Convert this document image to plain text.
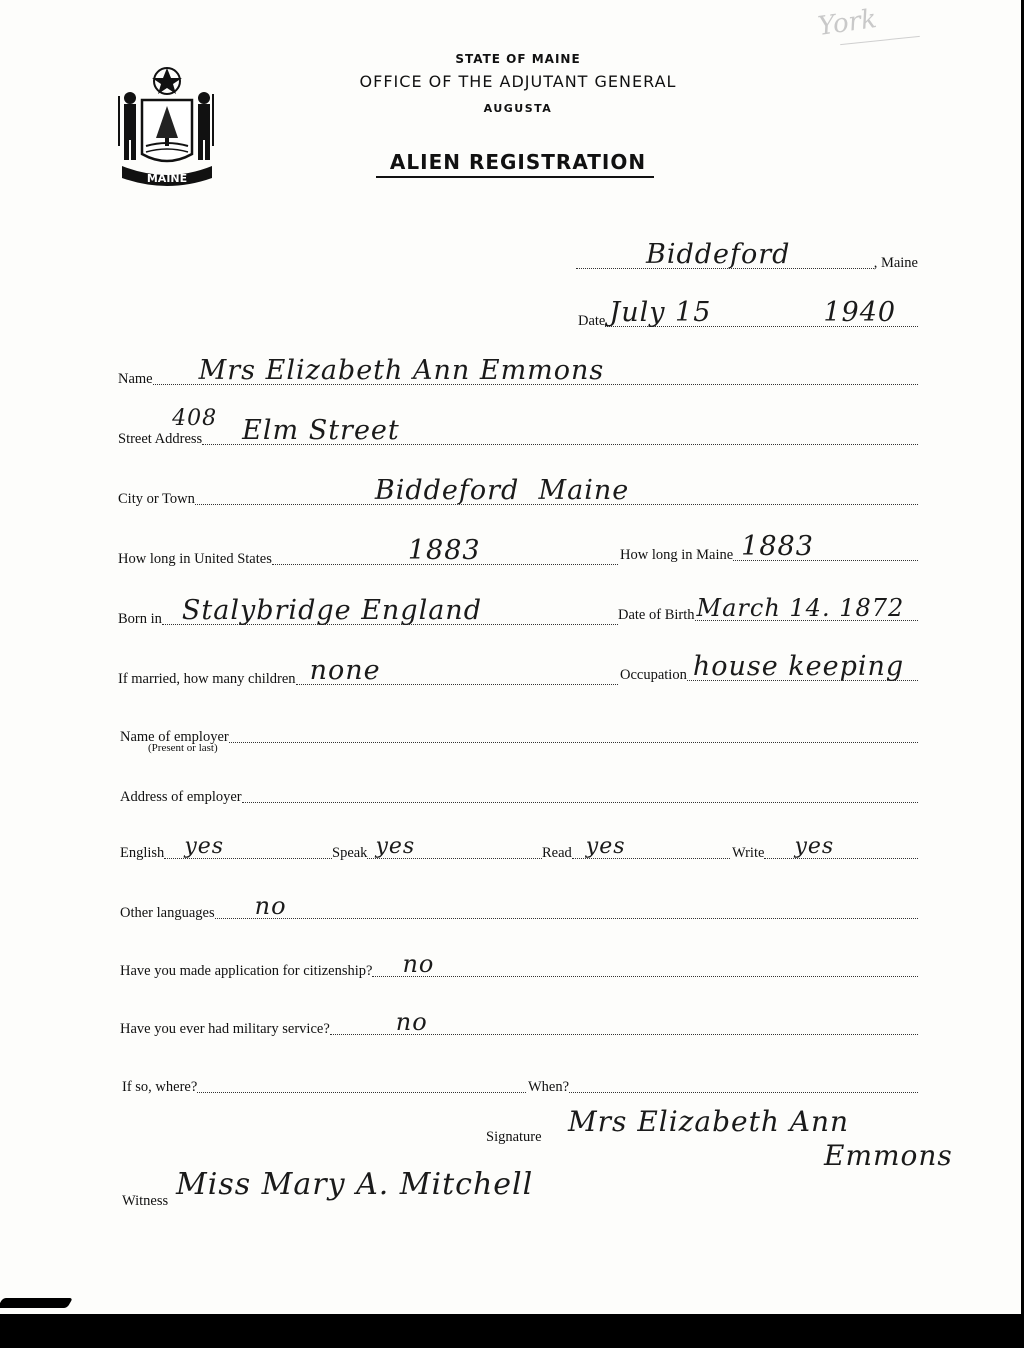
York
MAINE
STATE OF MAINE
OFFICE OF THE ADJUTANT GENERAL
AUGUSTA
ALIEN REGISTRATION
Biddeford	, Maine
Date July 15	1940
Name Mrs Elizabeth Ann Emmons
Street Address
408 Elm Street
City or Town	Biddeford  Maine
How long in United States	1883	How long in Maine 1883
Born in Stalybridge England	Date of Birth March 14. 1872
If married, how many children none	Occupation house keeping
Name of employer
(Present or last)
Address of employer
English yes	Speak yes	Read yes	Write yes
Other languages no
Have you made application for citizenship? no
Have you ever had military service?	no
If so, where?	When?
Signature Mrs Elizabeth Ann
Emmons
Witness Miss Mary A. Mitchell
